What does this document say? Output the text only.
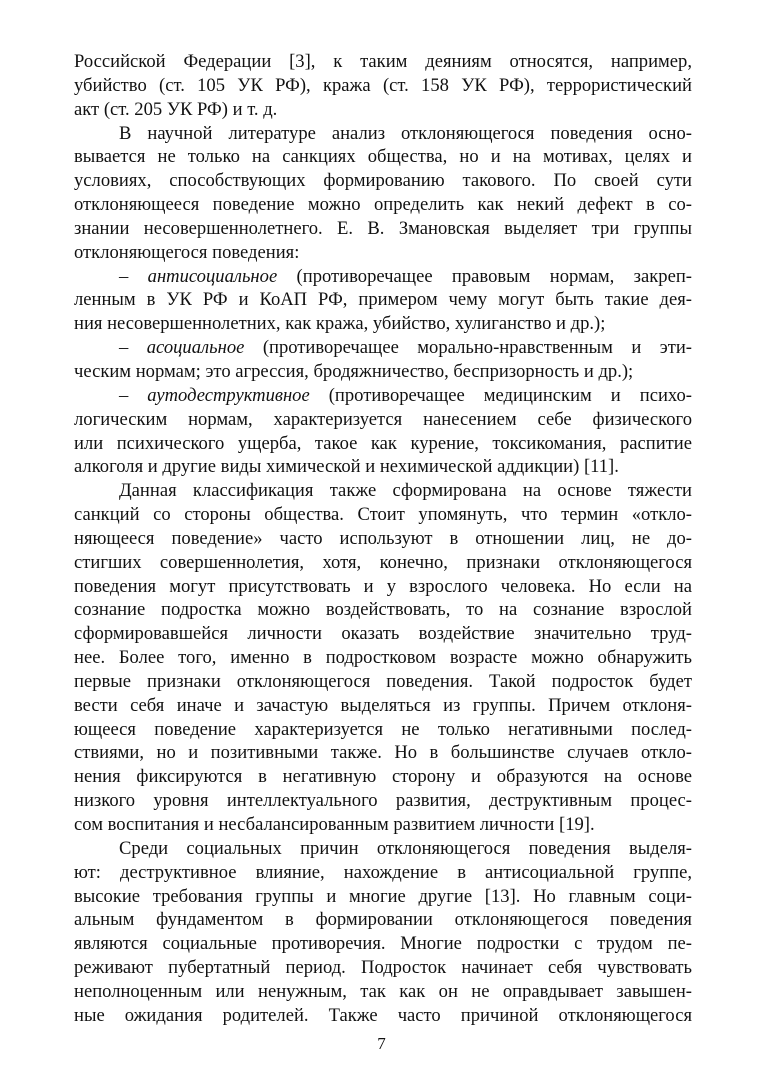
Российской Федерации [3], к таким деяниям относятся, например,
убийство (ст. 105 УК РФ), кража (ст. 158 УК РФ), террористический
акт (ст. 205 УК РФ) и т. д.
В научной литературе анализ отклоняющегося поведения осно-
вывается не только на санкциях общества, но и на мотивах, целях и
условиях, способствующих формированию такового. По своей сути
отклоняющееся поведение можно определить как некий дефект в со-
знании несовершеннолетнего. Е. В. Змановская выделяет три группы
отклоняющегося поведения:
– антисоциальное (противоречащее правовым нормам, закреп-
ленным в УК РФ и КоАП РФ, примером чему могут быть такие дея-
ния несовершеннолетних, как кража, убийство, хулиганство и др.);
– асоциальное (противоречащее морально-нравственным и эти-
ческим нормам; это агрессия, бродяжничество, беспризорность и др.);
– аутодеструктивное (противоречащее медицинским и психо-
логическим нормам, характеризуется нанесением себе физического
или психического ущерба, такое как курение, токсикомания, распитие
алкоголя и другие виды химической и нехимической аддикции) [11].
Данная классификация также сформирована на основе тяжести
санкций со стороны общества. Стоит упомянуть, что термин «откло-
няющееся поведение» часто используют в отношении лиц, не до-
стигших совершеннолетия, хотя, конечно, признаки отклоняющегося
поведения могут присутствовать и у взрослого человека. Но если на
сознание подростка можно воздействовать, то на сознание взрослой
сформировавшейся личности оказать воздействие значительно труд-
нее. Более того, именно в подростковом возрасте можно обнаружить
первые признаки отклоняющегося поведения. Такой подросток будет
вести себя иначе и зачастую выделяться из группы. Причем отклоня-
ющееся поведение характеризуется не только негативными послед-
ствиями, но и позитивными также. Но в большинстве случаев откло-
нения фиксируются в негативную сторону и образуются на основе
низкого уровня интеллектуального развития, деструктивным процес-
сом воспитания и несбалансированным развитием личности [19].
Среди социальных причин отклоняющегося поведения выделя-
ют: деструктивное влияние, нахождение в антисоциальной группе,
высокие требования группы и многие другие [13]. Но главным соци-
альным фундаментом в формировании отклоняющегося поведения
являются социальные противоречия. Многие подростки с трудом пе-
реживают пубертатный период. Подросток начинает себя чувствовать
неполноценным или ненужным, так как он не оправдывает завышен-
ные ожидания родителей. Также часто причиной отклоняющегося
7
